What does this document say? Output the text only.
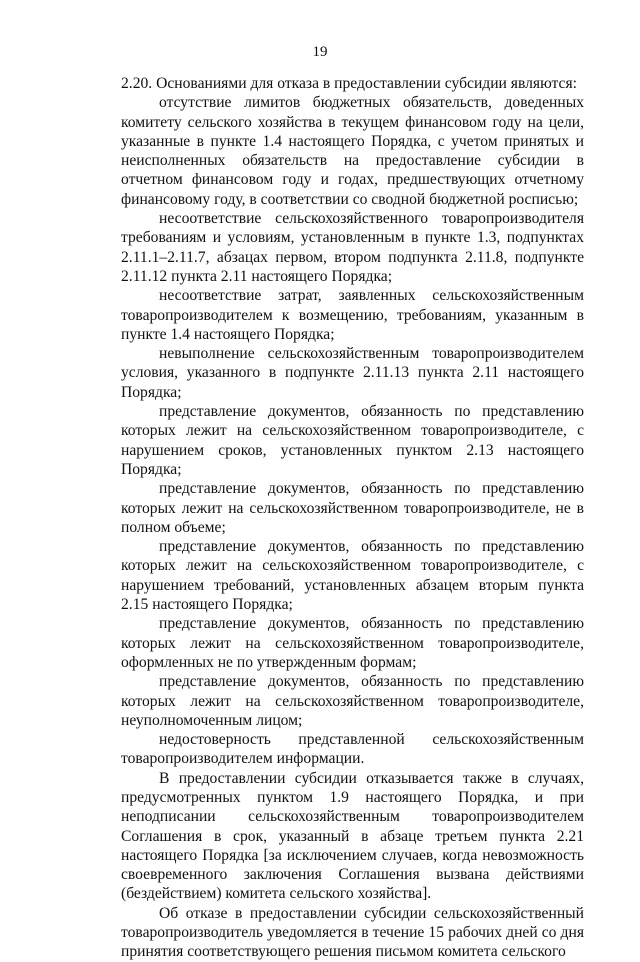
19

2.20. Основаниями для отказа в предоставлении субсидии являются:

отсутствие лимитов бюджетных обязательств, доведенных комитету сельского хозяйства в текущем финансовом году на цели, указанные в пункте 1.4 настоящего Порядка, с учетом принятых и неисполненных обязательств на предоставление субсидии в отчетном финансовом году и годах, предшествующих отчетному финансовому году, в соответствии со сводной бюджетной росписью;

несоответствие сельскохозяйственного товаропроизводителя требованиям и условиям, установленным в пункте 1.3, подпунктах 2.11.1–2.11.7, абзацах первом, втором подпункта 2.11.8, подпункте 2.11.12 пункта 2.11 настоящего Порядка;

несоответствие затрат, заявленных сельскохозяйственным товаропроизводителем к возмещению, требованиям, указанным в пункте 1.4 настоящего Порядка;

невыполнение сельскохозяйственным товаропроизводителем условия, указанного в подпункте 2.11.13 пункта 2.11 настоящего Порядка;

представление документов, обязанность по представлению которых лежит на сельскохозяйственном товаропроизводителе, с нарушением сроков, установленных пунктом 2.13 настоящего Порядка;

представление документов, обязанность по представлению которых лежит на сельскохозяйственном товаропроизводителе, не в полном объеме;

представление документов, обязанность по представлению которых лежит на сельскохозяйственном товаропроизводителе, с нарушением требований, установленных абзацем вторым пункта 2.15 настоящего Порядка;

представление документов, обязанность по представлению которых лежит на сельскохозяйственном товаропроизводителе, оформленных не по утвержденным формам;

представление документов, обязанность по представлению которых лежит на сельскохозяйственном товаропроизводителе, неуполномоченным лицом;

недостоверность представленной сельскохозяйственным товаропроизводителем информации.

В предоставлении субсидии отказывается также в случаях, предусмотренных пунктом 1.9 настоящего Порядка, и при неподписании сельскохозяйственным товаропроизводителем Соглашения в срок, указанный в абзаце третьем пункта 2.21 настоящего Порядка [за исключением случаев, когда невозможность своевременного заключения Соглашения вызвана действиями (бездействием) комитета сельского хозяйства].

Об отказе в предоставлении субсидии сельскохозяйственный товаропроизводитель уведомляется в течение 15 рабочих дней со дня принятия соответствующего решения письмом комитета сельского
